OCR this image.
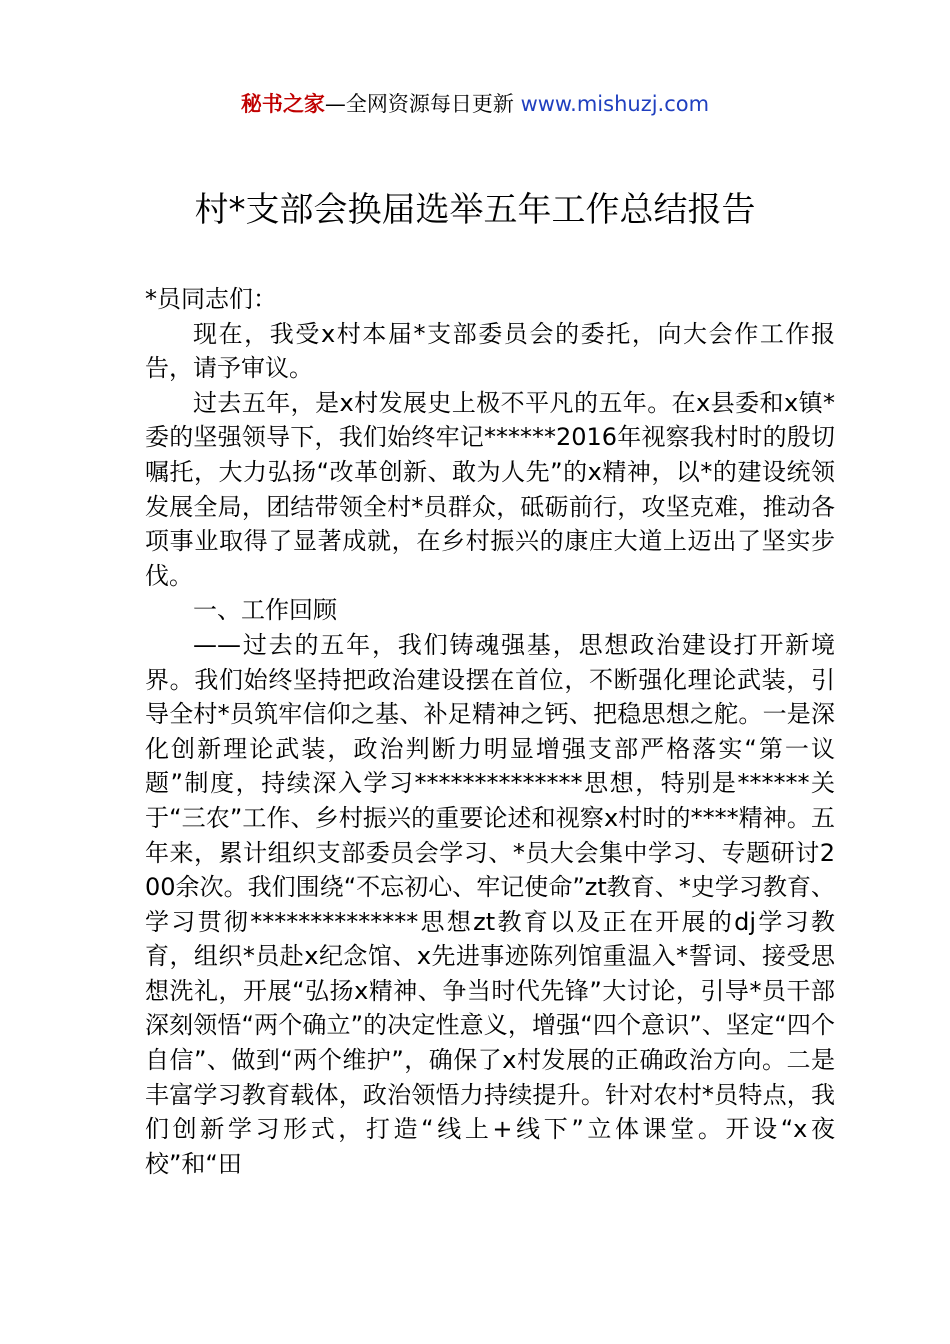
秘书之家—全网资源每日更新 www.mishuzj.com
村*支部会换届选举五年工作总结报告

*员同志们：

现在，我受x村本届*支部委员会的委托，向大会作工作报告，请予审议。

过去五年，是x村发展史上极不平凡的五年。在x县委和x镇*委的坚强领导下，我们始终牢记******2016年视察我村时的殷切嘱托，大力弘扬“改革创新、敢为人先”的x精神，以*的建设统领发展全局，团结带领全村*员群众，砥砺前行，攻坚克难，推动各项事业取得了显著成就，在乡村振兴的康庄大道上迈出了坚实步伐。

一、工作回顾

——过去的五年，我们铸魂强基，思想政治建设打开新境界。我们始终坚持把政治建设摆在首位，不断强化理论武装，引导全村*员筑牢信仰之基、补足精神之钙、把稳思想之舵。一是深化创新理论武装，政治判断力明显增强支部严格落实“第一议题”制度，持续深入学习**************思想，特别是******关于“三农”工作、乡村振兴的重要论述和视察x村时的****精神。五年来，累计组织支部委员会学习、*员大会集中学习、专题研讨200余次。我们围绕“不忘初心、牢记使命”zt教育、*史学习教育、学习贯彻**************思想zt教育以及正在开展的dj学习教育，组织*员赴x纪念馆、x先进事迹陈列馆重温入*誓词、接受思想洗礼，开展“弘扬x精神、争当时代先锋”大讨论，引导*员干部深刻领悟“两个确立”的决定性意义，增强“四个意识”、坚定“四个自信”、做到“两个维护”，确保了x村发展的正确政治方向。二是丰富学习教育载体，政治领悟力持续提升。针对农村*员特点，我们创新学习形式，打造“线上+线下”立体课堂。开设“x夜校”和“田
